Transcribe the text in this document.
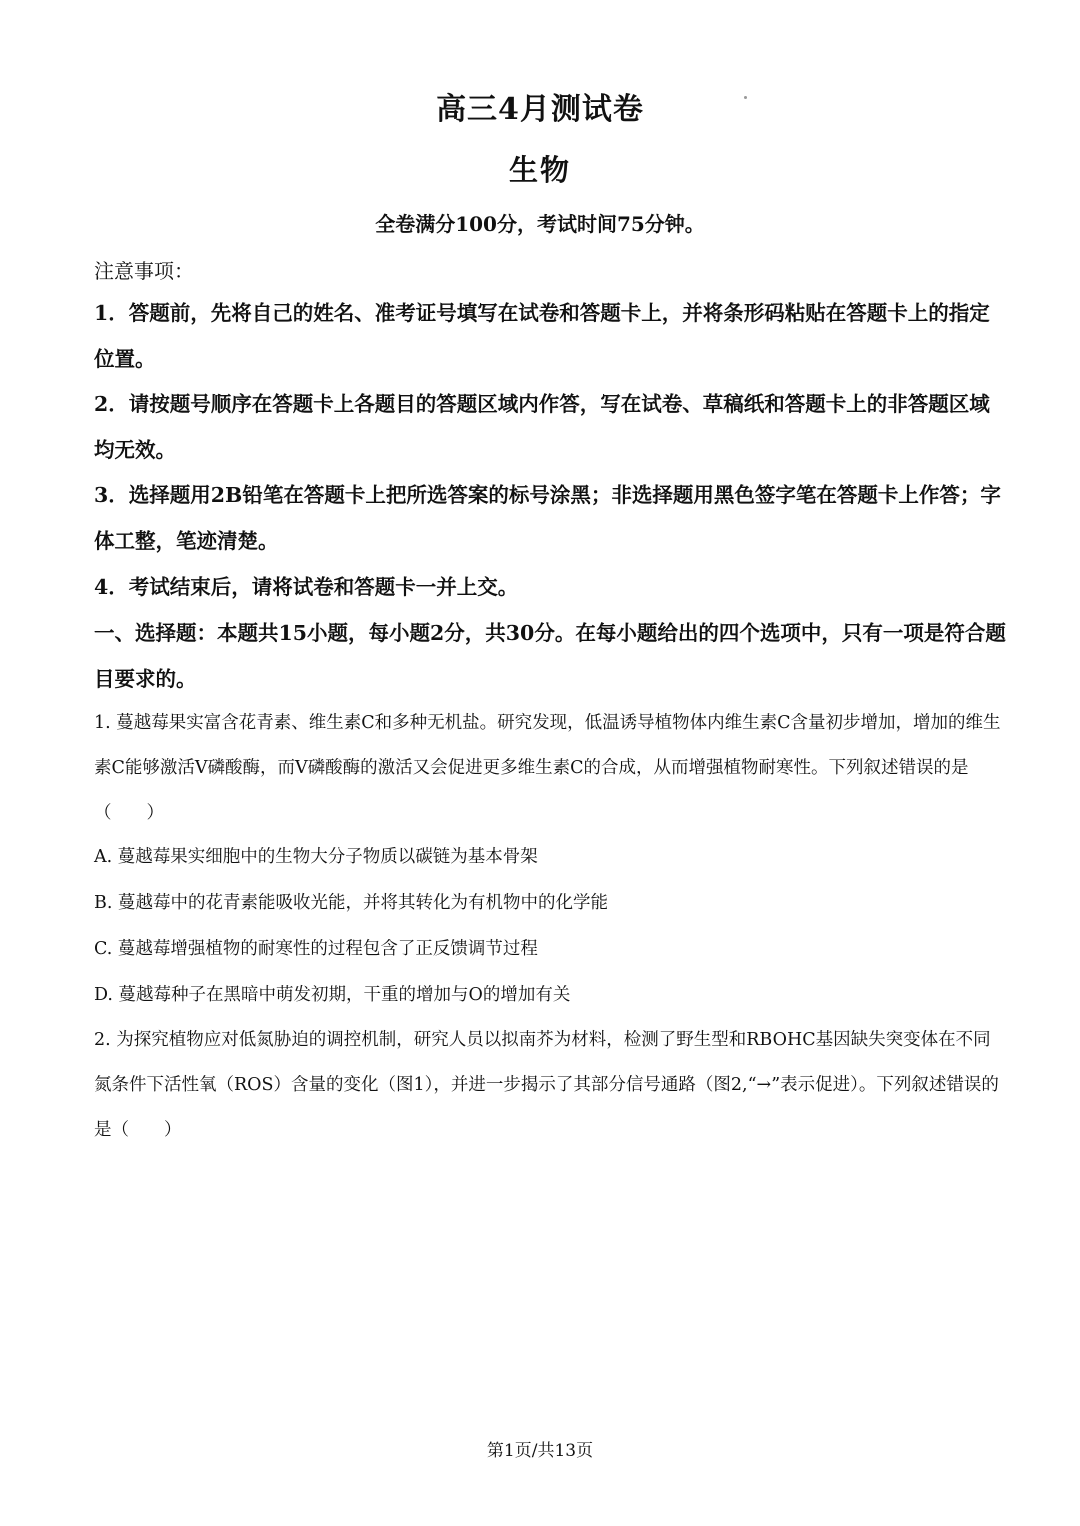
高三4月测试卷
生物
全卷满分100分，考试时间75分钟。
注意事项：
1．答题前，先将自己的姓名、准考证号填写在试卷和答题卡上，并将条形码粘贴在答题卡上的指定位置。
2．请按题号顺序在答题卡上各题目的答题区域内作答，写在试卷、草稿纸和答题卡上的非答题区域均无效。
3．选择题用2B铅笔在答题卡上把所选答案的标号涂黑；非选择题用黑色签字笔在答题卡上作答；字体工整，笔迹清楚。
4．考试结束后，请将试卷和答题卡一并上交。
一、选择题：本题共15小题，每小题2分，共30分。在每小题给出的四个选项中，只有一项是符合题目要求的。
1. 蔓越莓果实富含花青素、维生素C和多种无机盐。研究发现，低温诱导植物体内维生素C含量初步增加，增加的维生素C能够激活V磷酸酶，而V磷酸酶的激活又会促进更多维生素C的合成，从而增强植物耐寒性。下列叙述错误的是（　　）
A. 蔓越莓果实细胞中的生物大分子物质以碳链为基本骨架
B. 蔓越莓中的花青素能吸收光能，并将其转化为有机物中的化学能
C. 蔓越莓增强植物的耐寒性的过程包含了正反馈调节过程
D. 蔓越莓种子在黑暗中萌发初期，干重的增加与O的增加有关
2. 为探究植物应对低氮胁迫的调控机制，研究人员以拟南芥为材料，检测了野生型和RBOHC基因缺失突变体在不同氮条件下活性氧（ROS）含量的变化（图1），并进一步揭示了其部分信号通路（图2,“→”表示促进）。下列叙述错误的是（　　）
第1页/共13页
